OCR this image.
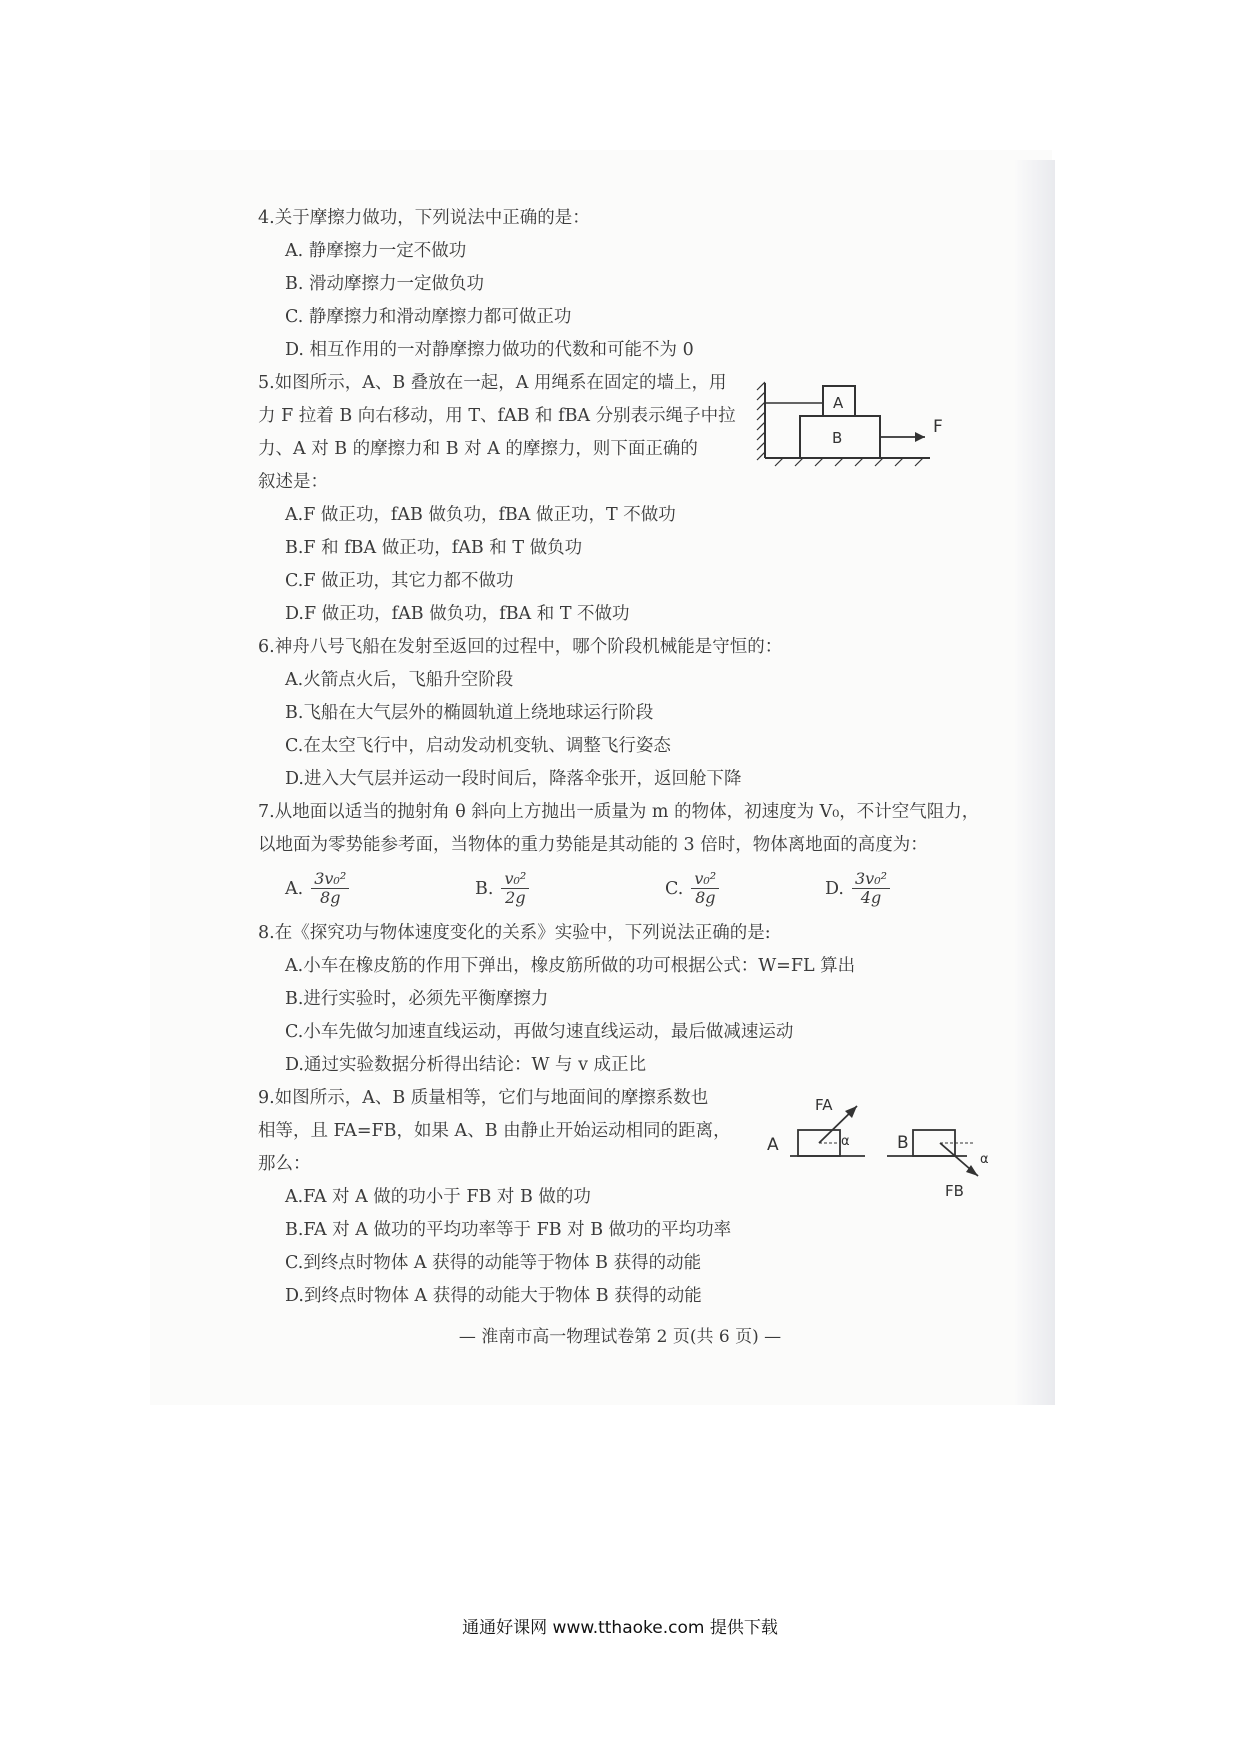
4.关于摩擦力做功，下列说法中正确的是：
A. 静摩擦力一定不做功
B. 滑动摩擦力一定做负功
C. 静摩擦力和滑动摩擦力都可做正功
D. 相互作用的一对静摩擦力做功的代数和可能不为 0
5.如图所示，A、B 叠放在一起，A 用绳系在固定的墙上，用
力 F 拉着 B 向右移动，用 T、fAB 和 fBA 分别表示绳子中拉
力、A 对 B 的摩擦力和 B 对 A 的摩擦力，则下面正确的
叙述是：
A.F 做正功，fAB 做负功，fBA 做正功，T 不做功
B.F 和 fBA 做正功，fAB 和 T 做负功
C.F 做正功，其它力都不做功
D.F 做正功，fAB 做负功，fBA 和 T 不做功
A
B
F
6.神舟八号飞船在发射至返回的过程中，哪个阶段机械能是守恒的：
A.火箭点火后，飞船升空阶段
B.飞船在大气层外的椭圆轨道上绕地球运行阶段
C.在太空飞行中，启动发动机变轨、调整飞行姿态
D.进入大气层并运动一段时间后，降落伞张开，返回舱下降
7.从地面以适当的抛射角 θ 斜向上方抛出一质量为 m 的物体，初速度为 V₀，不计空气阻力，
以地面为零势能参考面，当物体的重力势能是其动能的 3 倍时，物体离地面的高度为：
A. $\frac{\text{3v₀²}}{8g}$	B. $\frac{\text{v₀²}}{2g}$	C. $\frac{\text{v₀²}}{8g}$	D. $\frac{\text{3v₀²}}{4g}$
8.在《探究功与物体速度变化的关系》实验中，下列说法正确的是:
A.小车在橡皮筋的作用下弹出，橡皮筋所做的功可根据公式：W=FL 算出
B.进行实验时，必须先平衡摩擦力
C.小车先做匀加速直线运动，再做匀速直线运动，最后做减速运动
D.通过实验数据分析得出结论：W 与 v 成正比
9.如图所示，A、B 质量相等，它们与地面间的摩擦系数也
相等，且 FA=FB，如果 A、B 由静止开始运动相同的距离，
那么：
A.FA 对 A 做的功小于 FB 对 B 做的功
B.FA 对 A 做功的平均功率等于 FB 对 B 做功的平均功率
C.到终点时物体 A 获得的动能等于物体 B 获得的动能
D.到终点时物体 A 获得的动能大于物体 B 获得的动能
A
FA
α	B
α
FB
— 淮南市高一物理试卷第 2 页(共 6 页) —
通通好课网 www.tthaoke.com 提供下载
